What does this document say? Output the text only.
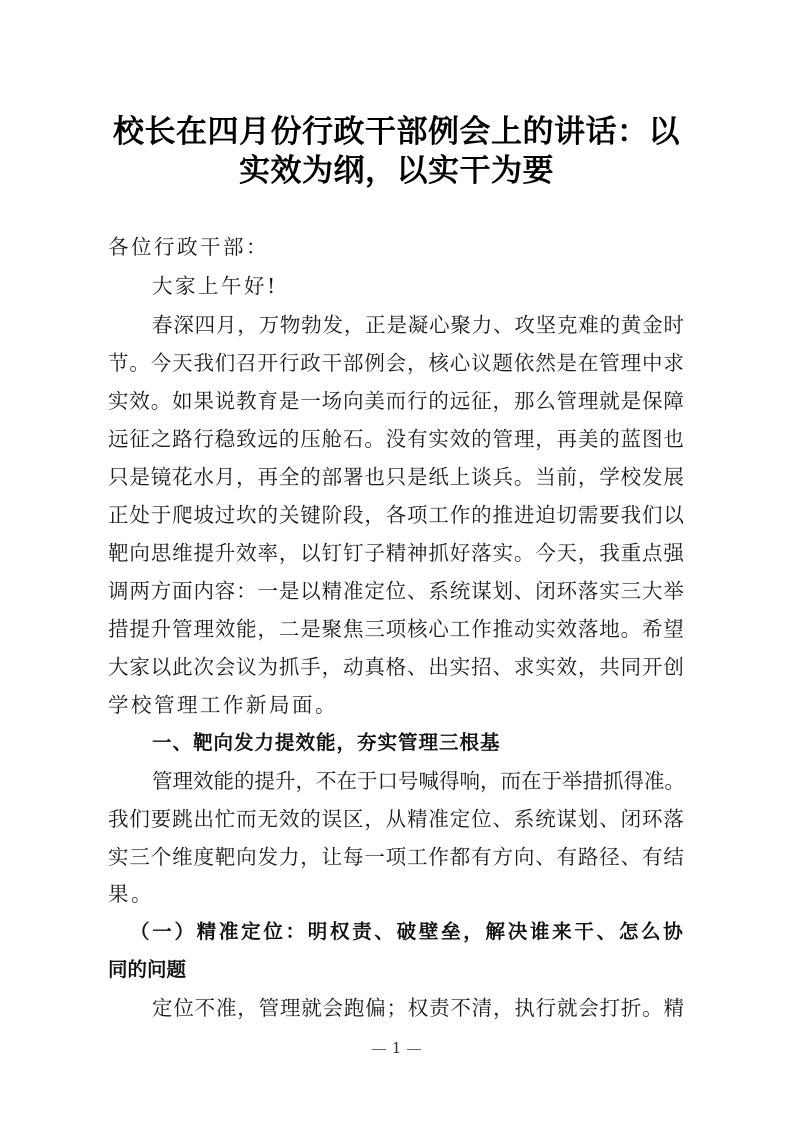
校长在四月份行政干部例会上的讲话：以
实效为纲，以实干为要
各位行政干部：
大家上午好!
春 深 四 月 ， 万 物 勃 发 ， 正 是 凝 心 聚 力 、 攻 坚 克 难 的 黄 金 时
节 。 今 天 我 们 召 开 行 政 干 部 例 会 ， 核 心 议 题 依 然 是 在 管 理 中 求
实 效 。 如 果 说 教 育 是 一 场 向 美 而 行 的 远 征 ， 那 么 管 理 就 是 保 障
远 征 之 路 行 稳 致 远 的 压 舱 石 。 没 有 实 效 的 管 理 ， 再 美 的 蓝 图 也
只 是 镜 花 水 月 ， 再 全 的 部 署 也 只 是 纸 上 谈 兵 。 当 前 ， 学 校 发 展
正 处 于 爬 坡 过 坎 的 关 键 阶 段 ， 各 项 工 作 的 推 进 迫 切 需 要 我 们 以
靶 向 思 维 提 升 效 率 ， 以 钉 钉 子 精 神 抓 好 落 实 。 今 天 ， 我 重 点 强
调 两 方 面 内 容 ： 一 是 以 精 准 定 位 、 系 统 谋 划 、 闭 环 落 实 三 大 举
措 提 升 管 理 效 能 ， 二 是 聚 焦 三 项 核 心 工 作 推 动 实 效 落 地 。 希 望
大 家 以 此 次 会 议 为 抓 手 ， 动 真 格 、 出 实 招 、 求 实 效 ， 共 同 开 创
学校管理工作新局面。
一、靶向发力提效能，夯实管理三根基
管 理 效 能 的 提 升 ， 不 在 于 口 号 喊 得 响 ， 而 在 于 举 措 抓 得 准 。
我 们 要 跳 出 忙 而 无 效 的 误 区 ， 从 精 准 定 位 、 系 统 谋 划 、 闭 环 落
实 三 个 维 度 靶 向 发 力 ， 让 每 一 项 工 作 都 有 方 向 、 有 路 径 、 有 结
果。
（ 一 ） 精 准 定 位 ： 明 权 责 、 破 壁 垒 ， 解 决 谁 来 干 、 怎 么 协
同的问题
定 位 不 准 ， 管 理 就 会 跑 偏 ； 权 责 不 清 ， 执 行 就 会 打 折 。 精
1
